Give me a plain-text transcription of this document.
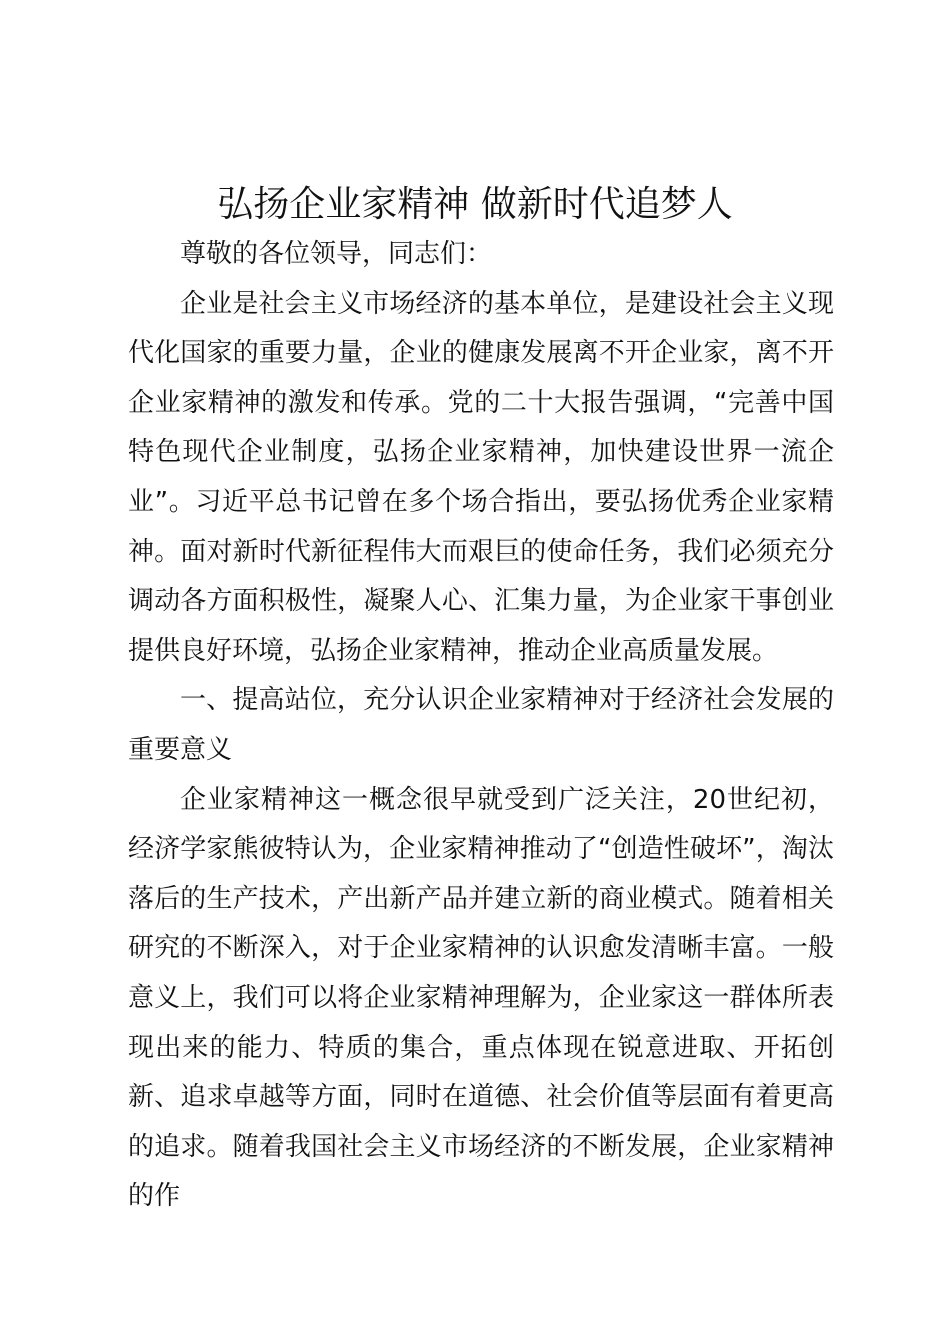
弘扬企业家精神 做新时代追梦人

尊敬的各位领导，同志们：

企业是社会主义市场经济的基本单位，是建设社会主义现代化国家的重要力量，企业的健康发展离不开企业家，离不开企业家精神的激发和传承。党的二十大报告强调，“完善中国特色现代企业制度，弘扬企业家精神，加快建设世界一流企业”。习近平总书记曾在多个场合指出，要弘扬优秀企业家精神。面对新时代新征程伟大而艰巨的使命任务，我们必须充分调动各方面积极性，凝聚人心、汇集力量，为企业家干事创业提供良好环境，弘扬企业家精神，推动企业高质量发展。

一、提高站位，充分认识企业家精神对于经济社会发展的重要意义

企业家精神这一概念很早就受到广泛关注，20世纪初，经济学家熊彼特认为，企业家精神推动了“创造性破坏”，淘汰落后的生产技术，产出新产品并建立新的商业模式。随着相关研究的不断深入，对于企业家精神的认识愈发清晰丰富。一般意义上，我们可以将企业家精神理解为，企业家这一群体所表现出来的能力、特质的集合，重点体现在锐意进取、开拓创新、追求卓越等方面，同时在道德、社会价值等层面有着更高的追求。随着我国社会主义市场经济的不断发展，企业家精神的作
